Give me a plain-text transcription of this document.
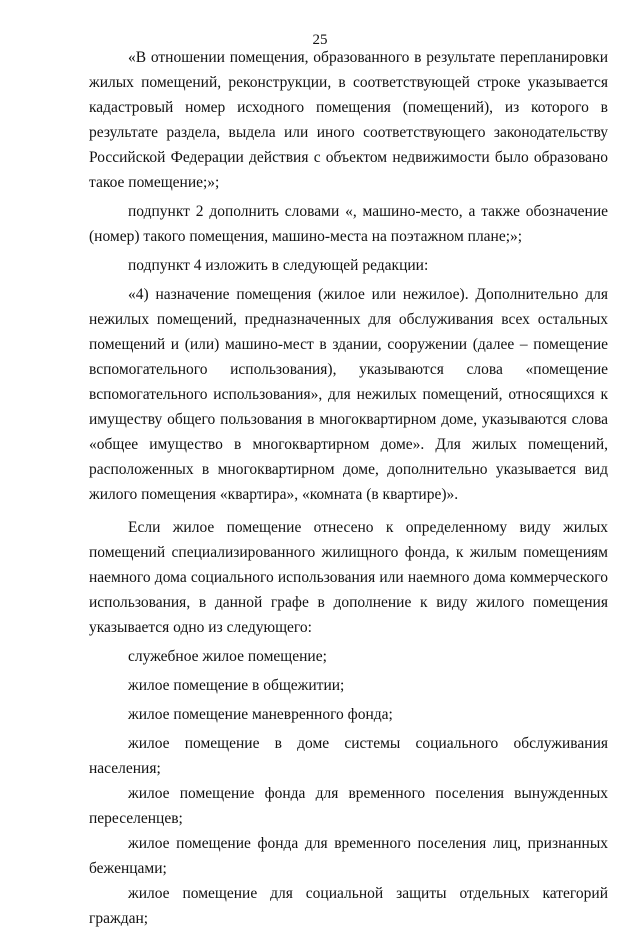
25

«В отношении помещения, образованного в результате перепланировки жилых помещений, реконструкции, в соответствующей строке указывается кадастровый номер исходного помещения (помещений), из которого в результате раздела, выдела или иного соответствующего законодательству Российской Федерации действия с объектом недвижимости было образовано такое помещение;»;

подпункт 2 дополнить словами «, машино-место, а также обозначение (номер) такого помещения, машино-места на поэтажном плане;»;

подпункт 4 изложить в следующей редакции:

«4) назначение помещения (жилое или нежилое). Дополнительно для нежилых помещений, предназначенных для обслуживания всех остальных помещений и (или) машино-мест в здании, сооружении (далее – помещение вспомогательного использования), указываются слова «помещение вспомогательного использования», для нежилых помещений, относящихся к имуществу общего пользования в многоквартирном доме, указываются слова «общее имущество в многоквартирном доме». Для жилых помещений, расположенных в многоквартирном доме, дополнительно указывается вид жилого помещения «квартира», «комната (в квартире)».

Если жилое помещение отнесено к определенному виду жилых помещений специализированного жилищного фонда, к жилым помещениям наемного дома социального использования или наемного дома коммерческого использования, в данной графе в дополнение к виду жилого помещения указывается одно из следующего:

служебное жилое помещение;

жилое помещение в общежитии;

жилое помещение маневренного фонда;

жилое помещение в доме системы социального обслуживания населения;

жилое помещение фонда для временного поселения вынужденных переселенцев;

жилое помещение фонда для временного поселения лиц, признанных беженцами;

жилое помещение для социальной защиты отдельных категорий граждан;
